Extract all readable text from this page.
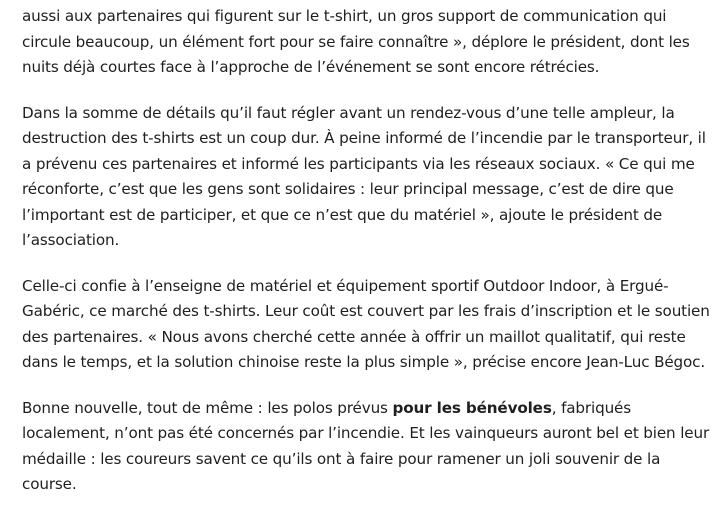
aussi aux partenaires qui figurent sur le t-shirt, un gros support de communication qui circule beaucoup, un élément fort pour se faire connaître », déplore le président, dont les nuits déjà courtes face à l’approche de l’événement se sont encore rétrécies.

Dans la somme de détails qu’il faut régler avant un rendez-vous d’une telle ampleur, la destruction des t-shirts est un coup dur. À peine informé de l’incendie par le transporteur, il a prévenu ces partenaires et informé les participants via les réseaux sociaux. « Ce qui me réconforte, c’est que les gens sont solidaires : leur principal message, c’est de dire que l’important est de participer, et que ce n’est que du matériel », ajoute le président de l’association.

Celle-ci confie à l’enseigne de matériel et équipement sportif Outdoor Indoor, à Ergué-Gabéric, ce marché des t-shirts. Leur coût est couvert par les frais d’inscription et le soutien des partenaires. « Nous avons cherché cette année à offrir un maillot qualitatif, qui reste dans le temps, et la solution chinoise reste la plus simple », précise encore Jean-Luc Bégoc.

Bonne nouvelle, tout de même : les polos prévus pour les bénévoles, fabriqués localement, n’ont pas été concernés par l’incendie. Et les vainqueurs auront bel et bien leur médaille : les coureurs savent ce qu’ils ont à faire pour ramener un joli souvenir de la course.
